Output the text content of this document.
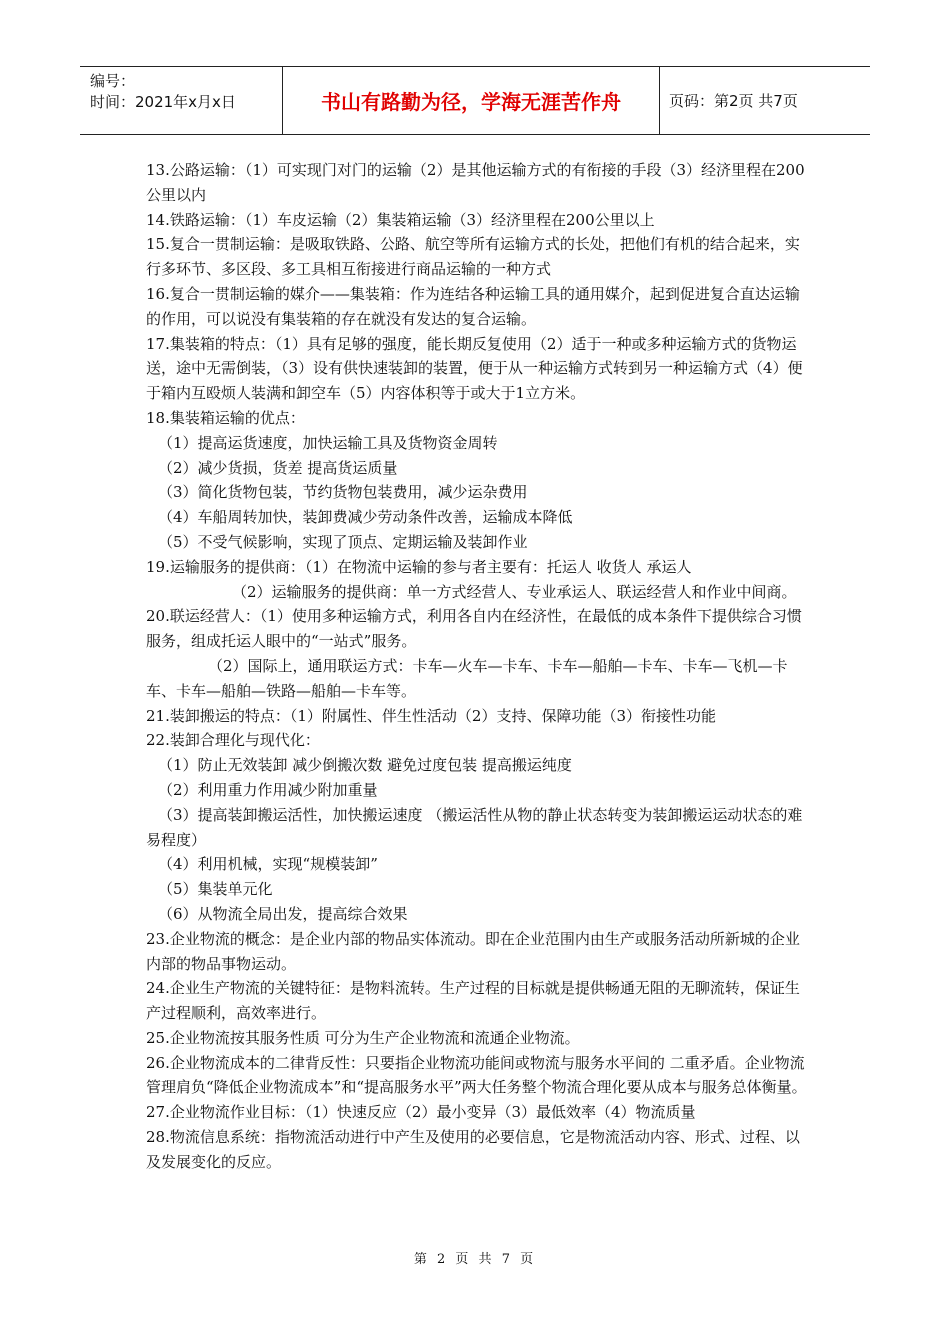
编号：
时间：2021年x月x日	书山有路勤为径，学海无涯苦作舟	页码：第2页 共7页

13.公路运输：（1）可实现门对门的运输（2）是其他运输方式的有衔接的手段（3）经济里程在200公里以内

14.铁路运输：（1）车皮运输（2）集装箱运输（3）经济里程在200公里以上

15.复合一贯制运输：是吸取铁路、公路、航空等所有运输方式的长处，把他们有机的结合起来，实行多环节、多区段、多工具相互衔接进行商品运输的一种方式

16.复合一贯制运输的媒介——集装箱：作为连结各种运输工具的通用媒介，起到促进复合直达运输的作用，可以说没有集装箱的存在就没有发达的复合运输。

17.集装箱的特点：（1）具有足够的强度，能长期反复使用（2）适于一种或多种运输方式的货物运送，途中无需倒装，（3）设有供快速装卸的装置，便于从一种运输方式转到另一种运输方式（4）便于箱内互殴烦人装满和卸空车（5）内容体积等于或大于1立方米。

18.集装箱运输的优点：

（1）提高运货速度，加快运输工具及货物资金周转

（2）减少货损，货差 提高货运质量

（3）简化货物包装，节约货物包装费用，减少运杂费用

（4）车船周转加快，装卸费减少劳动条件改善，运输成本降低

（5）不受气候影响，实现了顶点、定期运输及装卸作业

19.运输服务的提供商：（1）在物流中运输的参与者主要有：托运人 收货人 承运人

（2）运输服务的提供商：单一方式经营人、专业承运人、联运经营人和作业中间商。

20.联运经营人：（1）使用多种运输方式，利用各自内在经济性，在最低的成本条件下提供综合习惯服务，组成托运人眼中的“一站式”服务。

（2）国际上，通用联运方式：卡车—火车—卡车、卡车—船舶—卡车、卡车—飞机—卡车、卡车—船舶—铁路—船舶—卡车等。

21.装卸搬运的特点：（1）附属性、伴生性活动（2）支持、保障功能（3）衔接性功能

22.装卸合理化与现代化：

（1）防止无效装卸 减少倒搬次数 避免过度包装 提高搬运纯度

（2）利用重力作用减少附加重量

（3）提高装卸搬运活性，加快搬运速度 （搬运活性从物的静止状态转变为装卸搬运运动状态的难易程度）

（4）利用机械，实现“规模装卸”

（5）集装单元化

（6）从物流全局出发，提高综合效果

23.企业物流的概念：是企业内部的物品实体流动。即在企业范围内由生产或服务活动所新城的企业内部的物品事物运动。

24.企业生产物流的关键特征：是物料流转。生产过程的目标就是提供畅通无阻的无聊流转，保证生产过程顺利，高效率进行。

25.企业物流按其服务性质 可分为生产企业物流和流通企业物流。

26.企业物流成本的二律背反性：只要指企业物流功能间或物流与服务水平间的 二重矛盾。企业物流管理肩负“降低企业物流成本”和“提高服务水平”两大任务整个物流合理化要从成本与服务总体衡量。

27.企业物流作业目标：（1）快速反应（2）最小变异（3）最低效率（4）物流质量

28.物流信息系统：指物流活动进行中产生及使用的必要信息，它是物流活动内容、形式、过程、以及发展变化的反应。

第 2 页 共 7 页
